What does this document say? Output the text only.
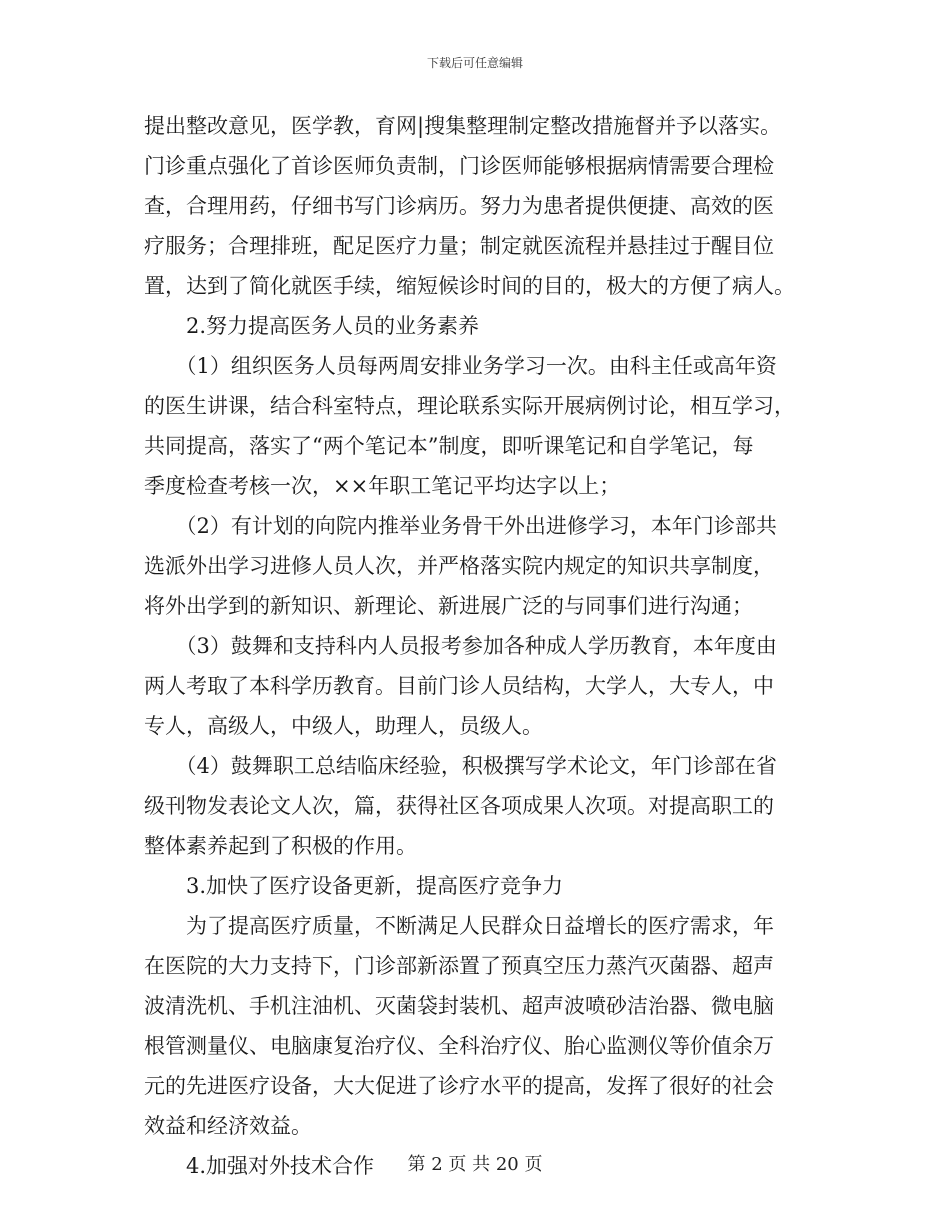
下载后可任意编辑
提出整改意见，医学教，育网|搜集整理制定整改措施督并予以落实。
门诊重点强化了首诊医师负责制，门诊医师能够根据病情需要合理检
查，合理用药，仔细书写门诊病历。努力为患者提供便捷、高效的医
疗服务；合理排班，配足医疗力量；制定就医流程并悬挂过于醒目位
置，达到了简化就医手续，缩短候诊时间的目的，极大的方便了病人。
　　2.努力提高医务人员的业务素养
　　（1）组织医务人员每两周安排业务学习一次。由科主任或高年资
的医生讲课，结合科室特点，理论联系实际开展病例讨论，相互学习，
共同提高，落实了“两个笔记本”制度，即听课笔记和自学笔记，每
季度检查考核一次，××年职工笔记平均达字以上；
　　（2）有计划的向院内推举业务骨干外出进修学习，本年门诊部共
选派外出学习进修人员人次，并严格落实院内规定的知识共享制度，
将外出学到的新知识、新理论、新进展广泛的与同事们进行沟通；
　　（3）鼓舞和支持科内人员报考参加各种成人学历教育，本年度由
两人考取了本科学历教育。目前门诊人员结构，大学人，大专人，中
专人，高级人，中级人，助理人，员级人。
　　（4）鼓舞职工总结临床经验，积极撰写学术论文，年门诊部在省
级刊物发表论文人次，篇，获得社区各项成果人次项。对提高职工的
整体素养起到了积极的作用。
　　3.加快了医疗设备更新，提高医疗竞争力
　　为了提高医疗质量，不断满足人民群众日益增长的医疗需求，年
在医院的大力支持下，门诊部新添置了预真空压力蒸汽灭菌器、超声
波清洗机、手机注油机、灭菌袋封装机、超声波喷砂洁治器、微电脑
根管测量仪、电脑康复治疗仪、全科治疗仪、胎心监测仪等价值余万
元的先进医疗设备，大大促进了诊疗水平的提高，发挥了很好的社会
效益和经济效益。
　　4.加强对外技术合作	第 2 页 共 20 页
